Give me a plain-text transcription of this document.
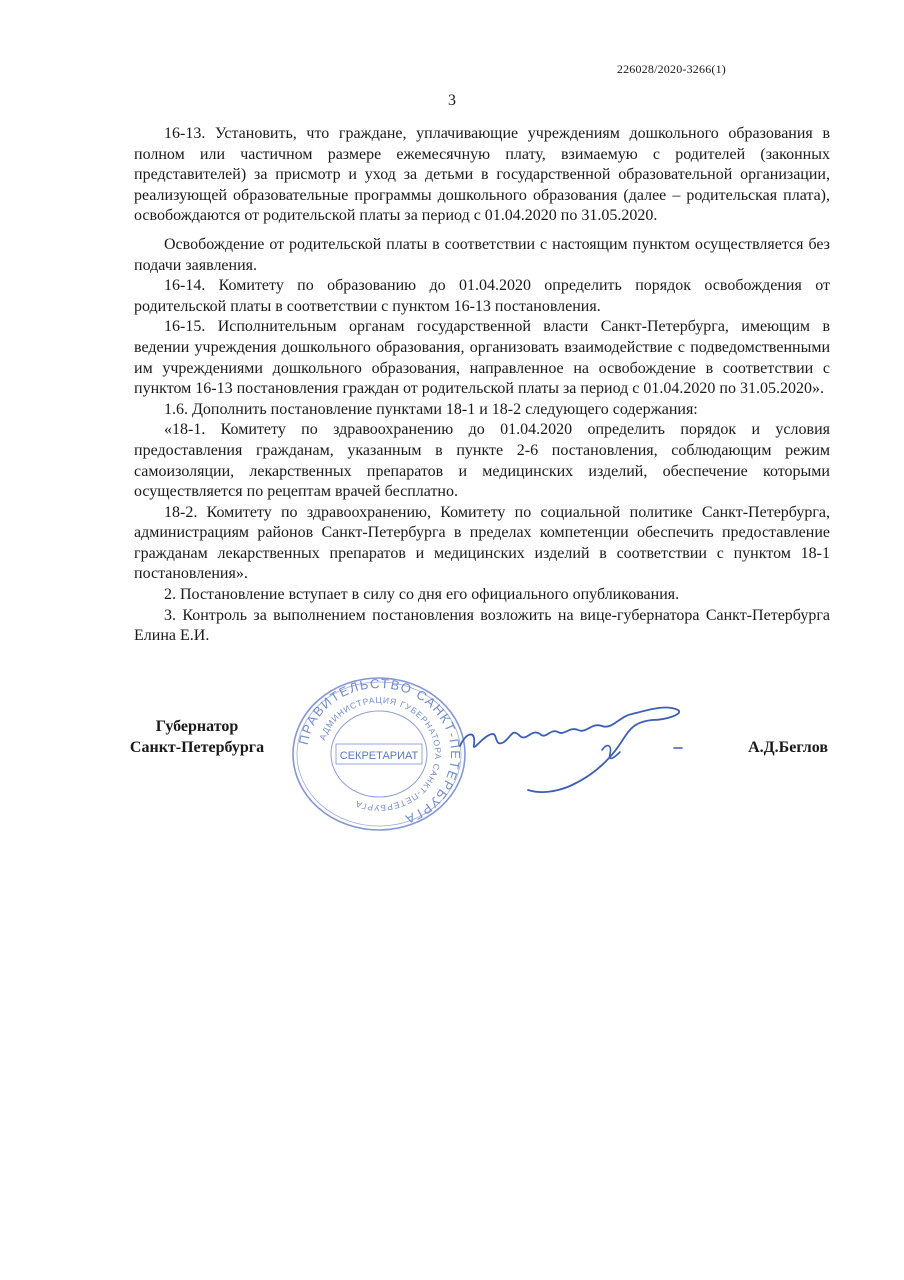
226028/2020-3266(1)
3

16-13. Установить, что граждане, уплачивающие учреждениям дошкольного образования в полном или частичном размере ежемесячную плату, взимаемую с родителей (законных представителей) за присмотр и уход за детьми в государственной образовательной организации, реализующей образовательные программы дошкольного образования (далее – родительская плата), освобождаются от родительской платы за период с 01.04.2020 по 31.05.2020.

Освобождение от родительской платы в соответствии с настоящим пунктом осуществляется без подачи заявления.

16-14. Комитету по образованию до 01.04.2020 определить порядок освобождения от родительской платы в соответствии с пунктом 16-13 постановления.

16-15. Исполнительным органам государственной власти Санкт-Петербурга, имеющим в ведении учреждения дошкольного образования, организовать взаимодействие с подведомственными им учреждениями дошкольного образования, направленное на освобождение в соответствии с пунктом 16-13 постановления граждан от родительской платы за период с 01.04.2020 по 31.05.2020».

1.6. Дополнить постановление пунктами 18-1 и 18-2 следующего содержания:

«18-1. Комитету по здравоохранению до 01.04.2020 определить порядок и условия предоставления гражданам, указанным в пункте 2-6 постановления, соблюдающим режим самоизоляции, лекарственных препаратов и медицинских изделий, обеспечение которыми осуществляется по рецептам врачей бесплатно.

18-2. Комитету по здравоохранению, Комитету по социальной политике Санкт-Петербурга, администрациям районов Санкт-Петербурга в пределах компетенции обеспечить предоставление гражданам лекарственных препаратов и медицинских изделий в соответствии с пунктом 18-1 постановления».

2. Постановление вступает в силу со дня его официального опубликования.

3. Контроль за выполнением постановления возложить на вице-губернатора Санкт-Петербурга Елина Е.И.

Губернатор
Санкт-Петербурга	А.Д.Беглов
ПРАВИТЕЛЬСТВО САНКТ-ПЕТЕРБУРГА
АДМИНИСТРАЦИЯ ГУБЕРНАТОРА САНКТ-ПЕТЕРБУРГА
СЕКРЕТАРИАТ
